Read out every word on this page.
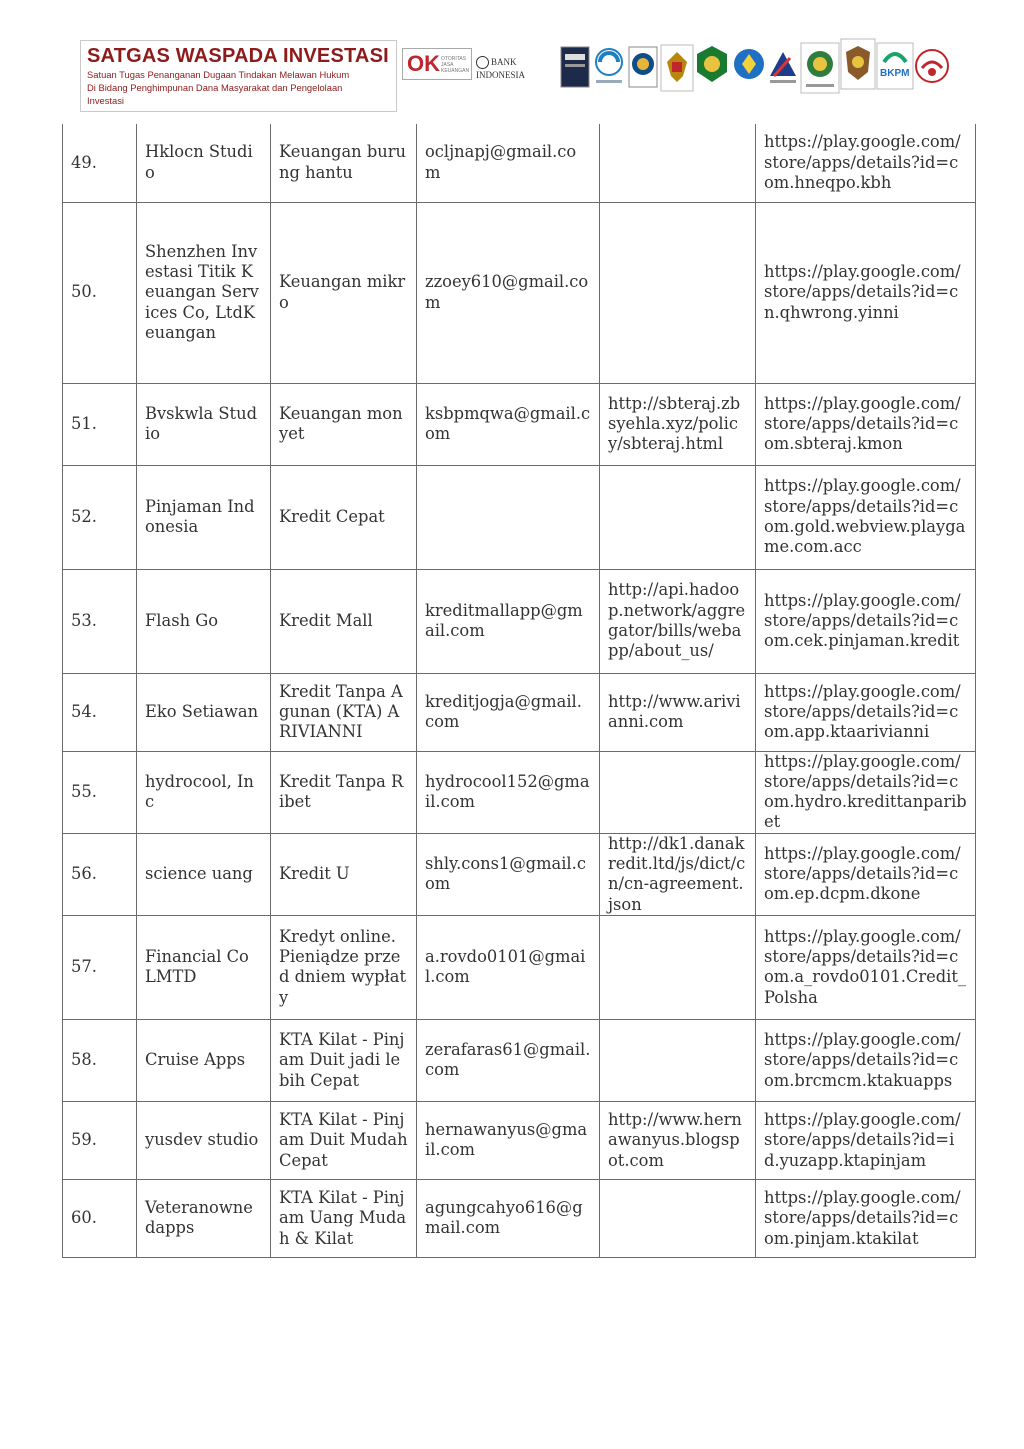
SATGAS WASPADA INVESTASI
Satuan Tugas Penanganan Dugaan Tindakan Melawan Hukum
Di Bidang Penghimpunan Dana Masyarakat dan Pengelolaan
Investasi
OK OTORITAS JASA KEUANGAN
BANK INDONESIA	BKPM
49.	Hklocn Studio	Keuangan burung hantu	ocljnapj@gmail.com		https://play.google.com/store/apps/details?id=com.hneqpo.kbh
50.	Shenzhen Investasi Titik Keuangan Services Co, LtdKeuangan	Keuangan mikro	zzoey610@gmail.com		https://play.google.com/store/apps/details?id=cn.qhwrong.yinni
51.	Bvskwla Studio	Keuangan monyet	ksbpmqwa@gmail.com	http://sbteraj.zbsyehla.xyz/policy/sbteraj.html	https://play.google.com/store/apps/details?id=com.sbteraj.kmon
52.	Pinjaman Indonesia	Kredit Cepat			https://play.google.com/store/apps/details?id=com.gold.webview.playgame.com.acc
53.	Flash Go	Kredit Mall	kreditmallapp@gmail.com	http://api.hadoop.network/aggregator/bills/webapp/about_us/	https://play.google.com/store/apps/details?id=com.cek.pinjaman.kredit
54.	Eko Setiawan	Kredit Tanpa Agunan (KTA) ARIVIANNI	kreditjogja@gmail.com	http://www.arivianni.com	https://play.google.com/store/apps/details?id=com.app.ktaarivianni
55.	hydrocool, Inc	Kredit Tanpa Ribet	hydrocool152@gmail.com		https://play.google.com/store/apps/details?id=com.hydro.kredittanparibet
56.	science uang	Kredit U	shly.cons1@gmail.com	http://dk1.danakredit.ltd/js/dict/cn/cn-agreement.json	https://play.google.com/store/apps/details?id=com.ep.dcpm.dkone
57.	Financial Co LMTD	Kredyt online. Pieniądze przed dniem wypłaty	a.rovdo0101@gmail.com		https://play.google.com/store/apps/details?id=com.a_rovdo0101.Credit_Polsha
58.	Cruise Apps	KTA Kilat - Pinjam Duit jadi lebih Cepat	zerafaras61@gmail.com		https://play.google.com/store/apps/details?id=com.brcmcm.ktakuapps
59.	yusdev studio	KTA Kilat - Pinjam Duit Mudah Cepat	hernawanyus@gmail.com	http://www.hernawanyus.blogspot.com	https://play.google.com/store/apps/details?id=id.yuzapp.ktapinjam
60.	Veteranowne dapps	KTA Kilat - Pinjam Uang Mudah & Kilat	agungcahyo616@gmail.com		https://play.google.com/store/apps/details?id=com.pinjam.ktakilat
